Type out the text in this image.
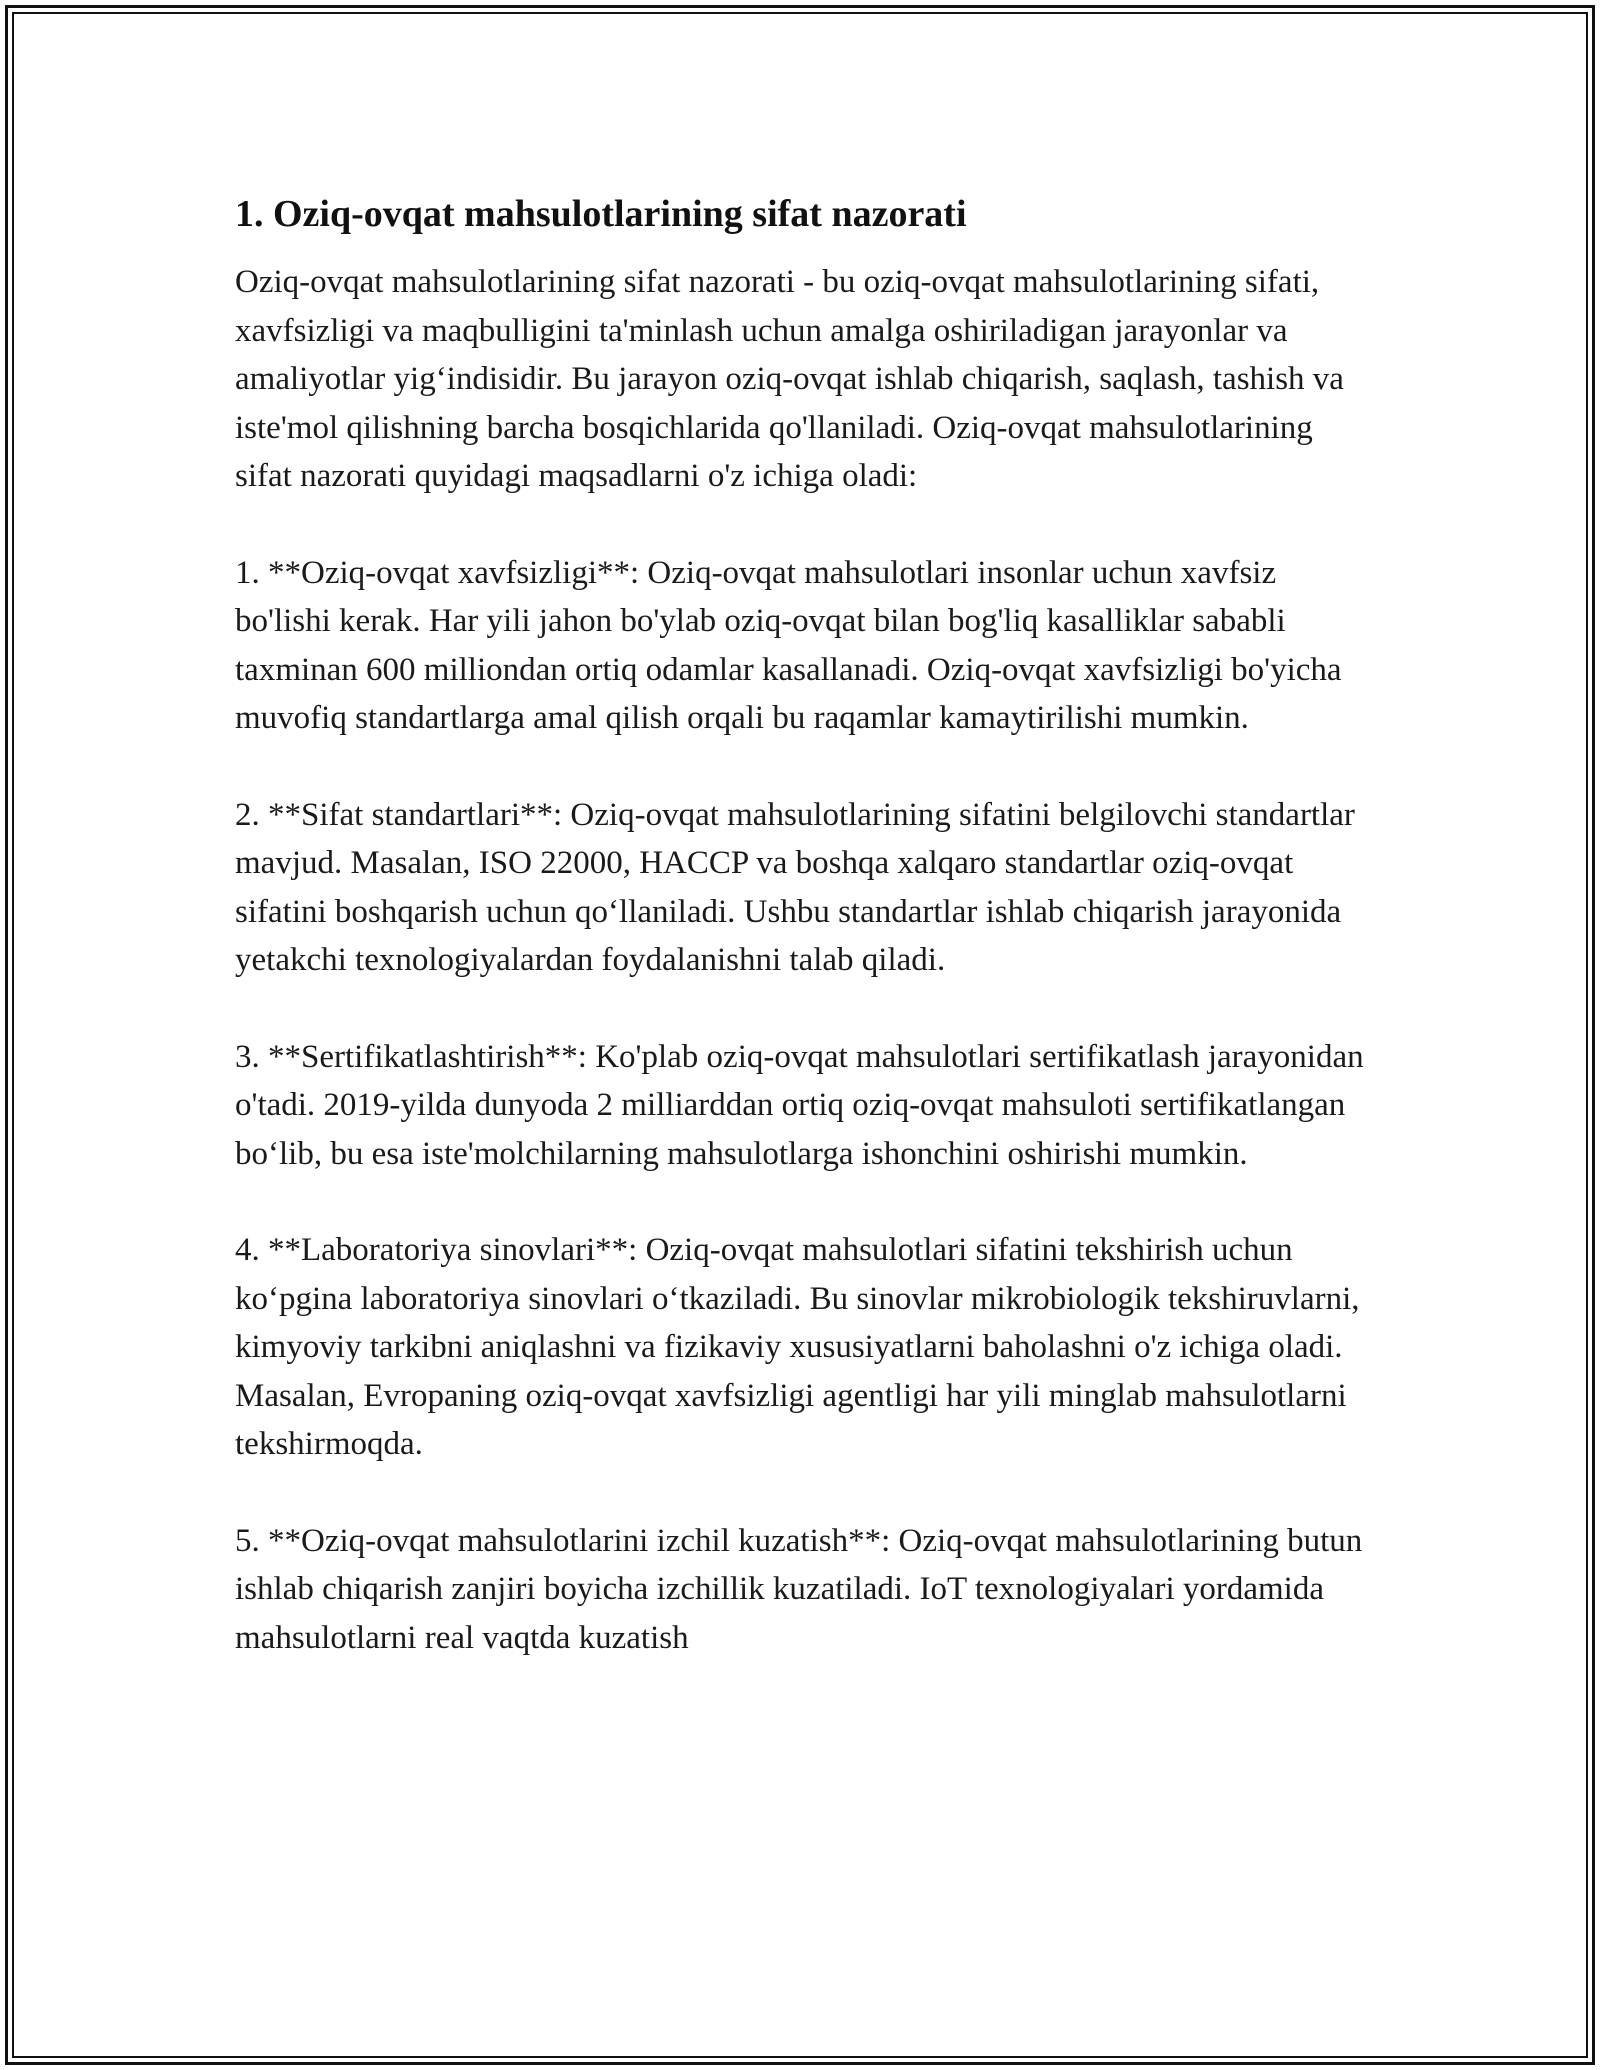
1. Oziq-ovqat mahsulotlarining sifat nazorati

Oziq-ovqat mahsulotlarining sifat nazorati - bu oziq-ovqat mahsulotlarining sifati, xavfsizligi va maqbulligini ta'minlash uchun amalga oshiriladigan jarayonlar va amaliyotlar yig‘indisidir. Bu jarayon oziq-ovqat ishlab chiqarish, saqlash, tashish va iste'mol qilishning barcha bosqichlarida qo'llaniladi. Oziq-ovqat mahsulotlarining sifat nazorati quyidagi maqsadlarni o'z ichiga oladi:

1. **Oziq-ovqat xavfsizligi**: Oziq-ovqat mahsulotlari insonlar uchun xavfsiz bo'lishi kerak. Har yili jahon bo'ylab oziq-ovqat bilan bog'liq kasalliklar sababli taxminan 600 milliondan ortiq odamlar kasallanadi. Oziq-ovqat xavfsizligi bo'yicha muvofiq standartlarga amal qilish orqali bu raqamlar kamaytirilishi mumkin.

2. **Sifat standartlari**: Oziq-ovqat mahsulotlarining sifatini belgilovchi standartlar mavjud. Masalan, ISO 22000, HACCP va boshqa xalqaro standartlar oziq-ovqat sifatini boshqarish uchun qo‘llaniladi. Ushbu standartlar ishlab chiqarish jarayonida yetakchi texnologiyalardan foydalanishni talab qiladi.

3. **Sertifikatlashtirish**: Ko'plab oziq-ovqat mahsulotlari sertifikatlash jarayonidan o'tadi. 2019-yilda dunyoda 2 milliarddan ortiq oziq-ovqat mahsuloti sertifikatlangan bo‘lib, bu esa iste'molchilarning mahsulotlarga ishonchini oshirishi mumkin.

4. **Laboratoriya sinovlari**: Oziq-ovqat mahsulotlari sifatini tekshirish uchun ko‘pgina laboratoriya sinovlari o‘tkaziladi. Bu sinovlar mikrobiologik tekshiruvlarni, kimyoviy tarkibni aniqlashni va fizikaviy xususiyatlarni baholashni o'z ichiga oladi. Masalan, Evropaning oziq-ovqat xavfsizligi agentligi har yili minglab mahsulotlarni tekshirmoqda.

5. **Oziq-ovqat mahsulotlarini izchil kuzatish**: Oziq-ovqat mahsulotlarining butun ishlab chiqarish zanjiri boyicha izchillik kuzatiladi. IoT texnologiyalari yordamida mahsulotlarni real vaqtda kuzatish
